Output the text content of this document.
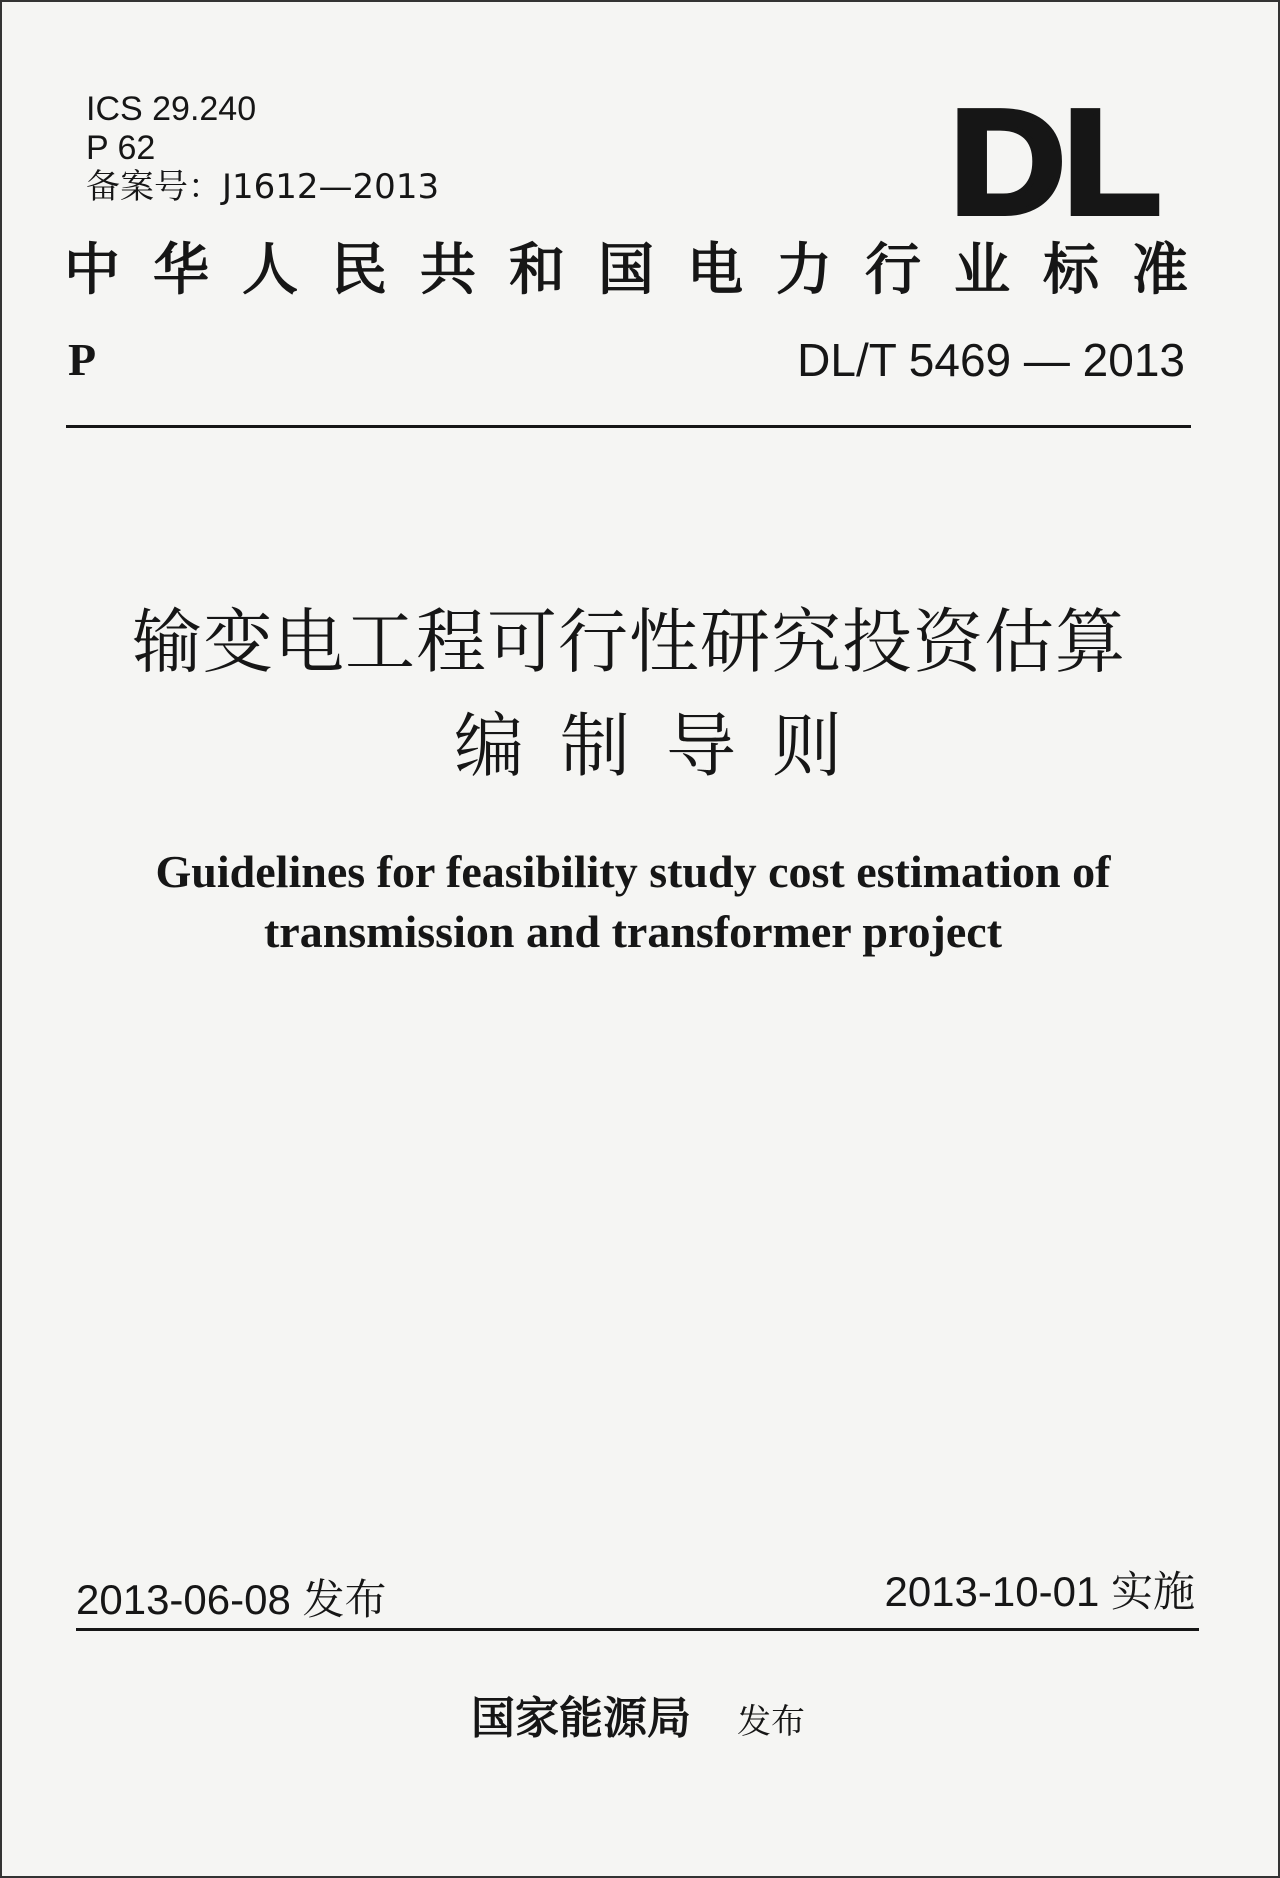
ICS 29.240
P 62
备案号：J1612—2013	DL
中华人民共和国电力行业标准
P	DL/T 5469 — 2013
输变电工程可行性研究投资估算
编制导则
Guidelines for feasibility study cost estimation of
transmission and transformer project
2013-06-08 发布	2013-10-01 实施
国家能源局 发布
